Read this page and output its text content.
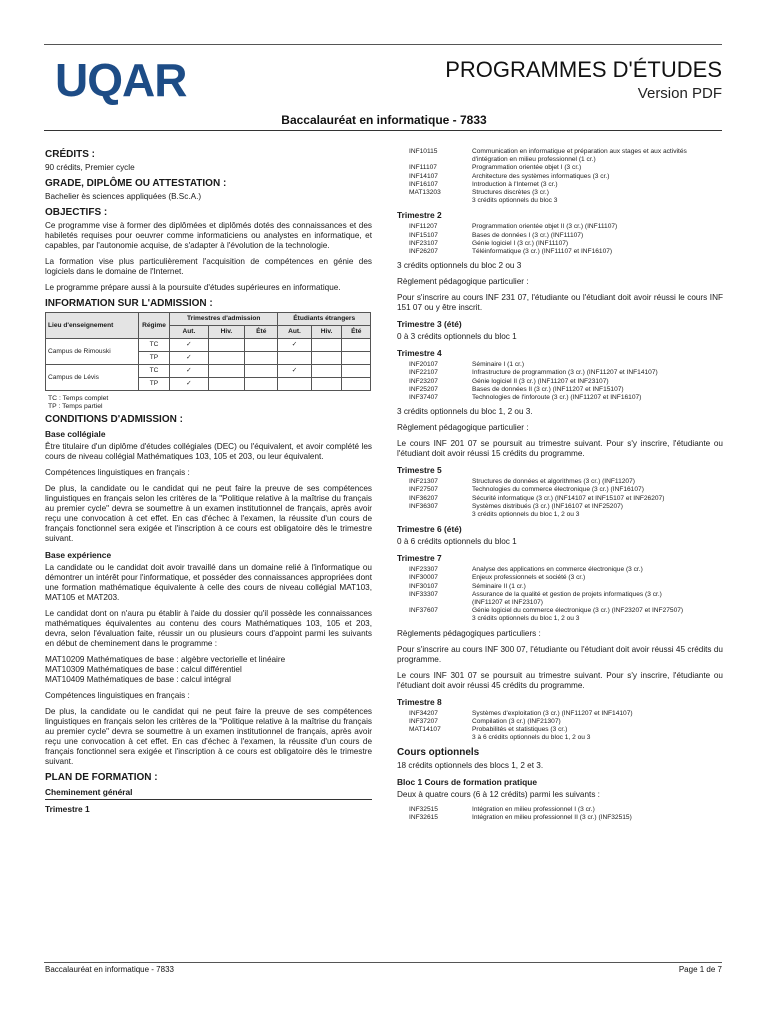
UQAR	PROGRAMMES D'ÉTUDES
Version PDF
Baccalauréat en informatique - 7833
CRÉDITS :

90 crédits, Premier cycle

GRADE, DIPLÔME OU ATTESTATION :

Bachelier ès sciences appliquées (B.Sc.A.)

OBJECTIFS :

Ce programme vise à former des diplômées et diplômés dotés des connaissances et des habiletés requises pour oeuvrer comme informaticiens ou analystes en informatique, et capables, par l'autonomie acquise, de s'adapter à l'évolution de la technologie.

La formation vise plus particulièrement l'acquisition de compétences en génie des logiciels dans le domaine de l'Internet.

Le programme prépare aussi à la poursuite d'études supérieures en informatique.

INFORMATION SUR L'ADMISSION :
Lieu d'enseignement	Régime	Trimestres d'admission			Étudiants étrangers		
		Aut.	Hiv.	Été	Aut.	Hiv.	Été
Campus de Rimouski	TC	✓			✓		
	TP	✓					
Campus de Lévis	TC	✓			✓		
	TP	✓					
TC : Temps complet
TP : Temps partiel
CONDITIONS D'ADMISSION :
Base collégiale

Être titulaire d'un diplôme d'études collégiales (DEC) ou l'équivalent, et avoir complété les cours de niveau collégial Mathématiques 103, 105 et 203, ou leur équivalent.

Compétences linguistiques en français :

De plus, la candidate ou le candidat qui ne peut faire la preuve de ses compétences linguistiques en français selon les critères de la "Politique relative à la maîtrise du français au premier cycle" devra se soumettre à un examen institutionnel de français, après avoir reçu une convocation à cet effet. En cas d'échec à l'examen, la réussite d'un cours de français fonctionnel sera exigée et l'inscription à ce cours est obligatoire dès le trimestre suivant.

Base expérience

La candidate ou le candidat doit avoir travaillé dans un domaine relié à l'informatique ou démontrer un intérêt pour l'informatique, et posséder des connaissances appropriées dont une formation mathématique équivalente à celle des cours de niveau collégial MAT103, MAT105 et MAT203.

Le candidat dont on n'aura pu établir à l'aide du dossier qu'il possède les connaissances mathématiques équivalentes au contenu des cours Mathématiques 103, 105 et 203, devra, selon l'évaluation faite, réussir un ou plusieurs cours d'appoint parmi les suivants en début de cheminement dans le programme :

MAT10209 Mathématiques de base : algèbre vectorielle et linéaire

MAT10309 Mathématiques de base : calcul différentiel

MAT10409 Mathématiques de base : calcul intégral

Compétences linguistiques en français :

De plus, la candidate ou le candidat qui ne peut faire la preuve de ses compétences linguistiques en français selon les critères de la "Politique relative à la maîtrise du français au premier cycle" devra se soumettre à un examen institutionnel de français, après avoir reçu une convocation à cet effet. En cas d'échec à l'examen, la réussite d'un cours de français fonctionnel sera exigée et l'inscription à ce cours est obligatoire dès le trimestre suivant.

PLAN DE FORMATION :
Cheminement général
Trimestre 1
INF10115	Communication en informatique et préparation aux stages et aux activités
d'intégration en milieu professionnel (1 cr.)
INF11107	Programmation orientée objet I (3 cr.)
INF14107	Architecture des systèmes informatiques (3 cr.)
INF16107	Introduction à l'Internet (3 cr.)
MAT13203	Structures discrètes (3 cr.)
3 crédits optionnels du bloc 3
Trimestre 2
INF11207	Programmation orientée objet II (3 cr.) (INF11107)
INF15107	Bases de données I (3 cr.) (INF11107)
INF23107	Génie logiciel I (3 cr.) (INF11107)
INF26207	Téléinformatique (3 cr.) (INF11107 et INF16107)

3 crédits optionnels du bloc 2 ou 3

Règlement pédagogique particulier :

Pour s'inscrire au cours INF 231 07, l'étudiante ou l'étudiant doit avoir réussi le cours INF 151 07 ou y être inscrit.

Trimestre 3 (été)

0 à 3 crédits optionnels du bloc 1

Trimestre 4
INF20107	Séminaire I (1 cr.)
INF22107	Infrastructure de programmation (3 cr.) (INF11207 et INF14107)
INF23207	Génie logiciel II (3 cr.) (INF11207 et INF23107)
INF25207	Bases de données II (3 cr.) (INF11207 et INF15107)
INF37407	Technologies de l'inforoute (3 cr.) (INF11207 et INF16107)

3 crédits optionnels du bloc 1, 2 ou 3.

Règlement pédagogique particulier :

Le cours INF 201 07 se poursuit au trimestre suivant. Pour s'y inscrire, l'étudiante ou l'étudiant doit avoir réussi 15 crédits du programme.

Trimestre 5
INF21307	Structures de données et algorithmes (3 cr.) (INF11207)
INF27507	Technologies du commerce électronique (3 cr.) (INF16107)
INF36207	Sécurité informatique (3 cr.) (INF14107 et INF15107 et INF26207)
INF36307	Systèmes distribués (3 cr.) (INF16107 et INF25207)
3 crédits optionnels du bloc 1, 2 ou 3
Trimestre 6 (été)

0 à 6 crédits optionnels du bloc 1

Trimestre 7
INF23307	Analyse des applications en commerce électronique (3 cr.)
INF30007	Enjeux professionnels et société (3 cr.)
INF30107	Séminaire II (1 cr.)
INF33307	Assurance de la qualité et gestion de projets informatiques (3 cr.)
(INF11207 et INF23107)
INF37607	Génie logiciel du commerce électronique (3 cr.) (INF23207 et INF27507)
3 crédits optionnels du bloc 1, 2 ou 3

Règlements pédagogiques particuliers :

Pour s'inscrire au cours INF 300 07, l'étudiante ou l'étudiant doit avoir réussi 45 crédits du programme.

Le cours INF 301 07 se poursuit au trimestre suivant. Pour s'y inscrire, l'étudiante ou l'étudiant doit avoir réussi 45 crédits du programme.

Trimestre 8
INF34207	Systèmes d'exploitation (3 cr.) (INF11207 et INF14107)
INF37207	Compilation (3 cr.) (INF21307)
MAT14107	Probabilités et statistiques (3 cr.)
3 à 6 crédits optionnels du bloc 1, 2 ou 3
Cours optionnels

18 crédits optionnels des blocs 1, 2 et 3.

Bloc 1 Cours de formation pratique

Deux à quatre cours (6 à 12 crédits) parmi les suivants :

INF32515	Intégration en milieu professionnel I (3 cr.)
INF32615	Intégration en milieu professionnel II (3 cr.) (INF32515)
Baccalauréat en informatique - 7833	Page 1 de 7
